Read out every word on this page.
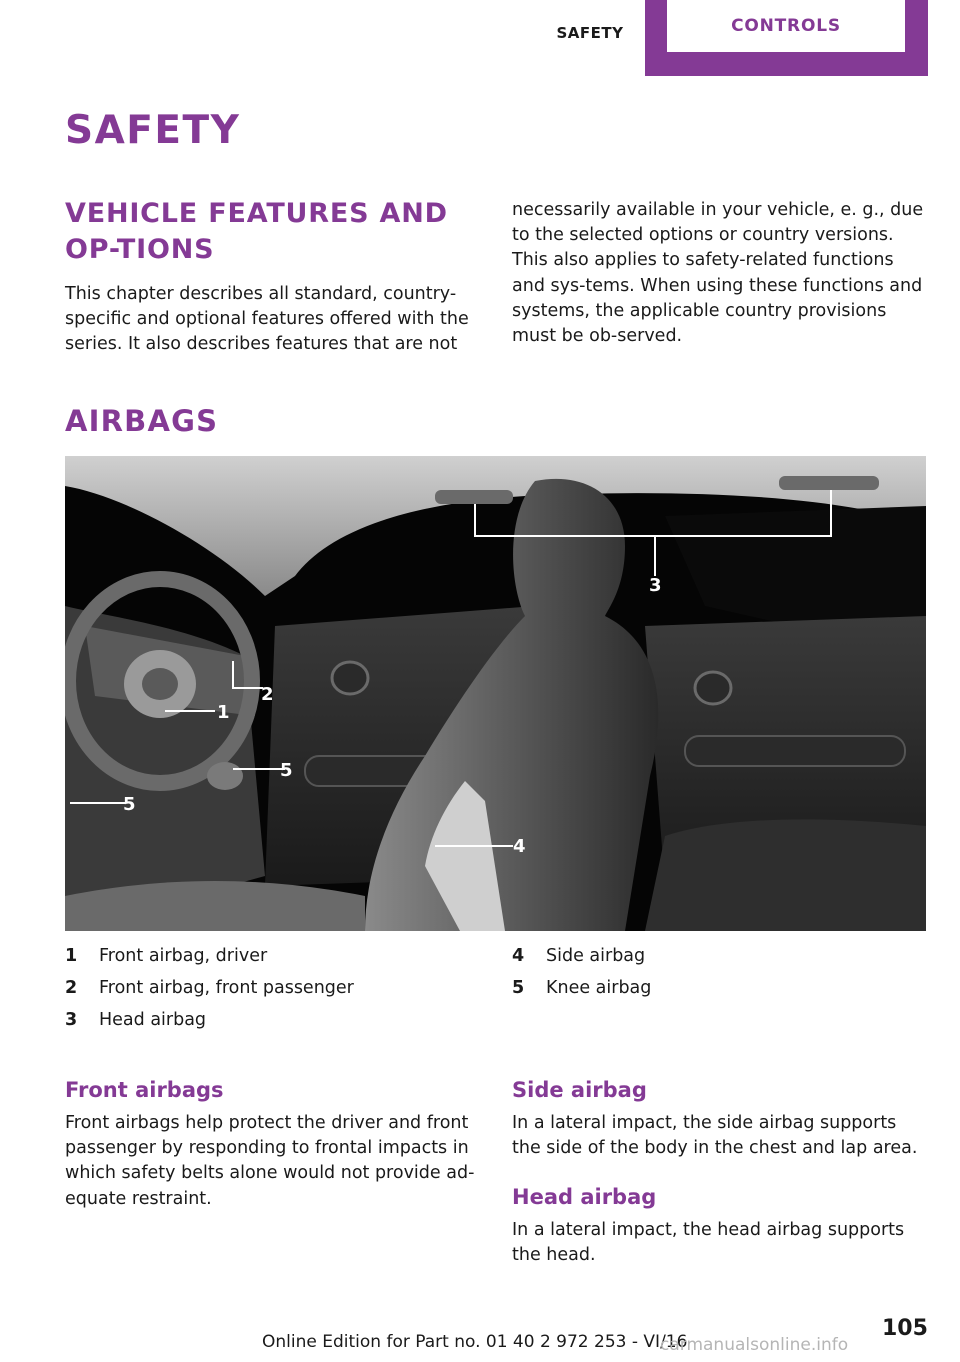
SAFETY	CONTROLS
SAFETY
VEHICLE FEATURES AND OP-TIONS

This chapter describes all standard, country-specific and optional features offered with the series. It also describes features that are not

necessarily available in your vehicle, e. g., due to the selected options or country versions. This also applies to safety-related functions and sys-tems. When using these functions and systems, the applicable country provisions must be ob-served.

AIRBAGS
1
2
3
4
5
5
1	Front airbag, driver
2	Front airbag, front passenger
3	Head airbag
4	Side airbag
5	Knee airbag
Front airbags

Front airbags help protect the driver and front passenger by responding to frontal impacts in which safety belts alone would not provide ad-equate restraint.

Side airbag

In a lateral impact, the side airbag supports the side of the body in the chest and lap area.

Head airbag

In a lateral impact, the head airbag supports the head.

105
Online Edition for Part no. 01 40 2 972 253 - VI/16
carmanualsonline.info
